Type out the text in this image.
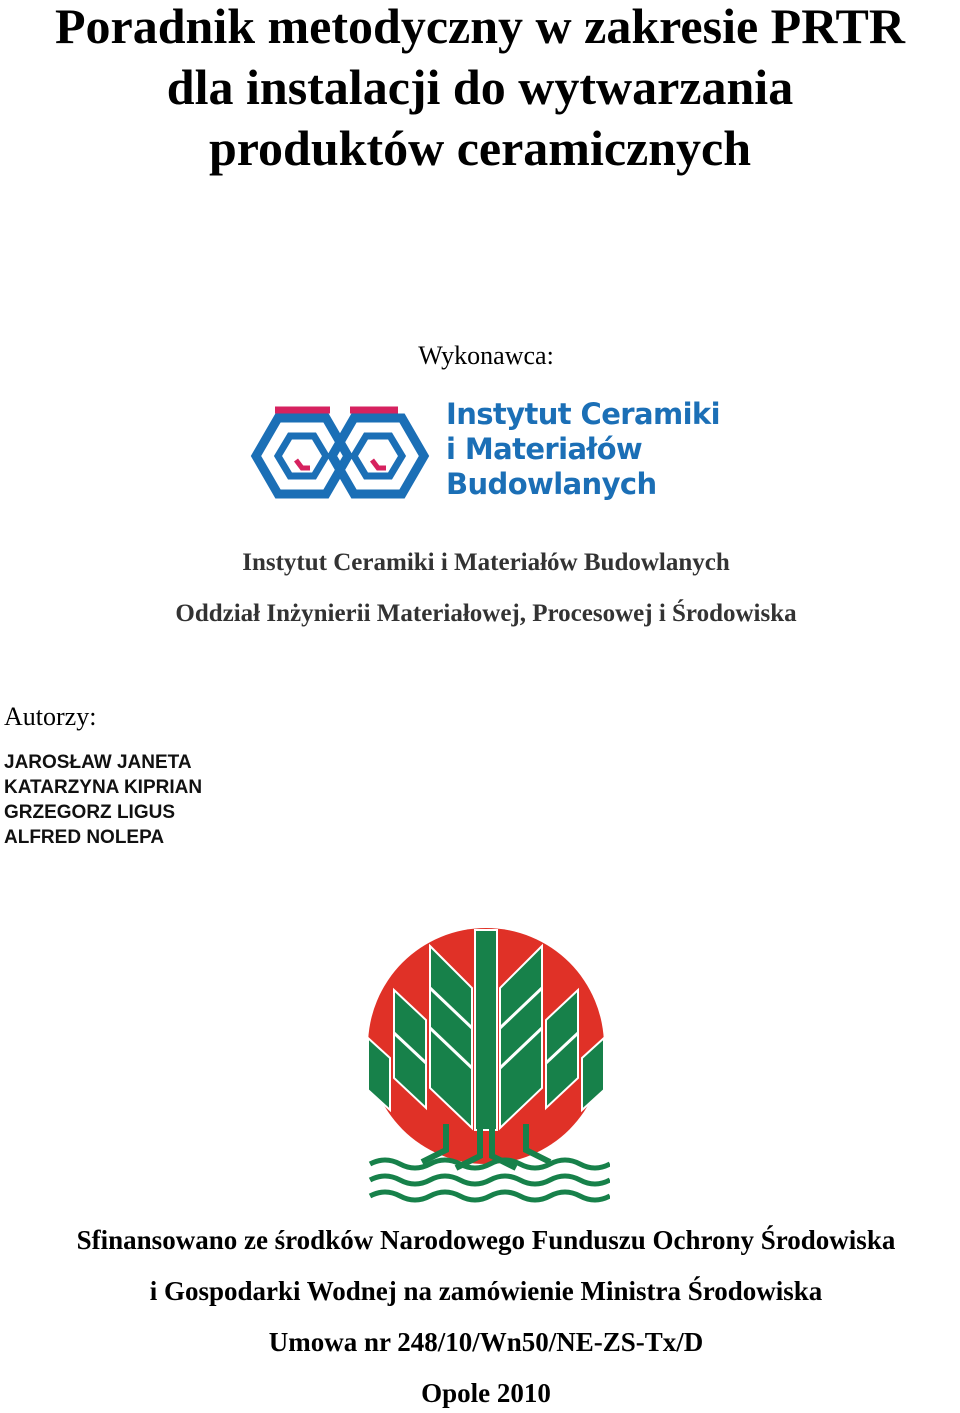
Poradnik metodyczny w zakresie PRTR
dla instalacji do wytwarzania
produktów ceramicznych
Wykonawca:
Instytut Ceramiki
i Materiałów
Budowlanych
Instytut Ceramiki i Materiałów Budowlanych
Oddział Inżynierii Materiałowej, Procesowej i Środowiska
Autorzy:
JAROSŁAW JANETA
KATARZYNA KIPRIAN
GRZEGORZ LIGUS
ALFRED NOLEPA
Sfinansowano ze środków Narodowego Funduszu Ochrony Środowiska
i Gospodarki Wodnej na zamówienie Ministra Środowiska
Umowa nr 248/10/Wn50/NE-ZS-Tx/D
Opole 2010
